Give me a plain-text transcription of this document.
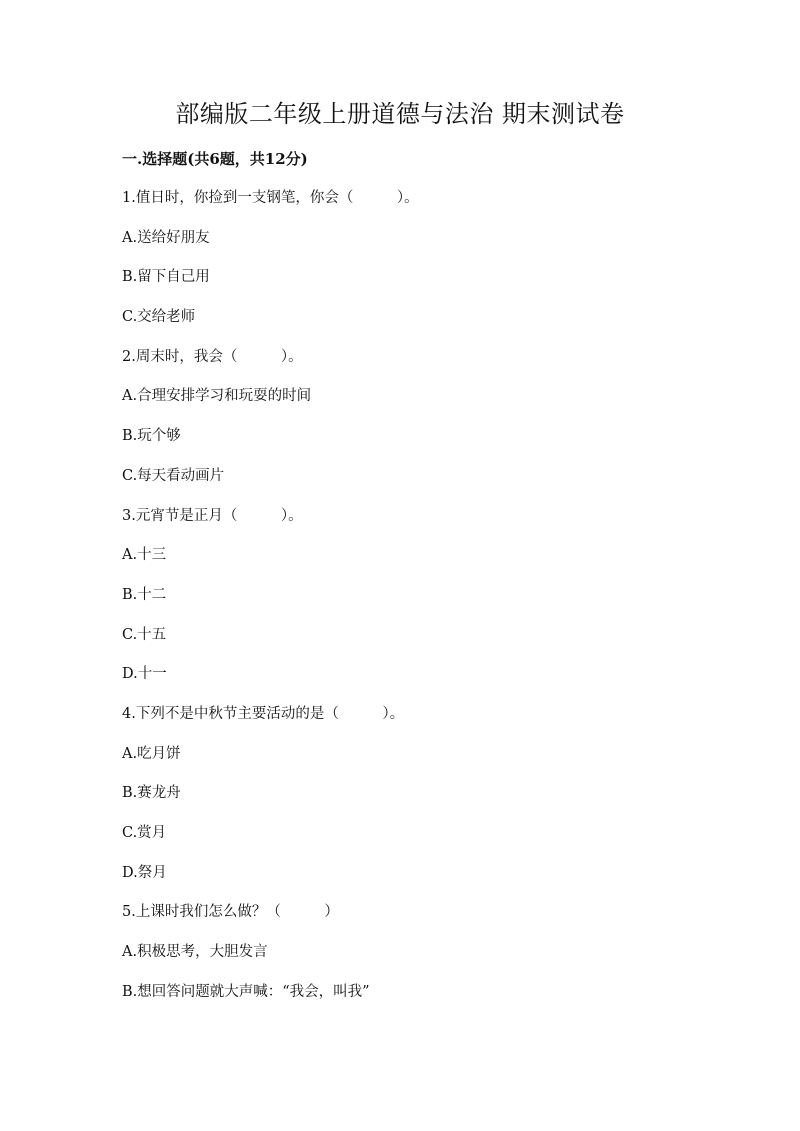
部编版二年级上册道德与法治 期末测试卷
一.选择题(共6题，共12分)
1.值日时，你捡到一支钢笔，你会（　　　）。
A.送给好朋友
B.留下自己用
C.交给老师
2.周末时，我会（　　　）。
A.合理安排学习和玩耍的时间
B.玩个够
C.每天看动画片
3.元宵节是正月（　　　）。
A.十三
B.十二
C.十五
D.十一
4.下列不是中秋节主要活动的是（　　　）。
A.吃月饼
B.赛龙舟
C.赏月
D.祭月
5.上课时我们怎么做？（　　　）
A.积极思考，大胆发言
B.想回答问题就大声喊：“我会，叫我”
